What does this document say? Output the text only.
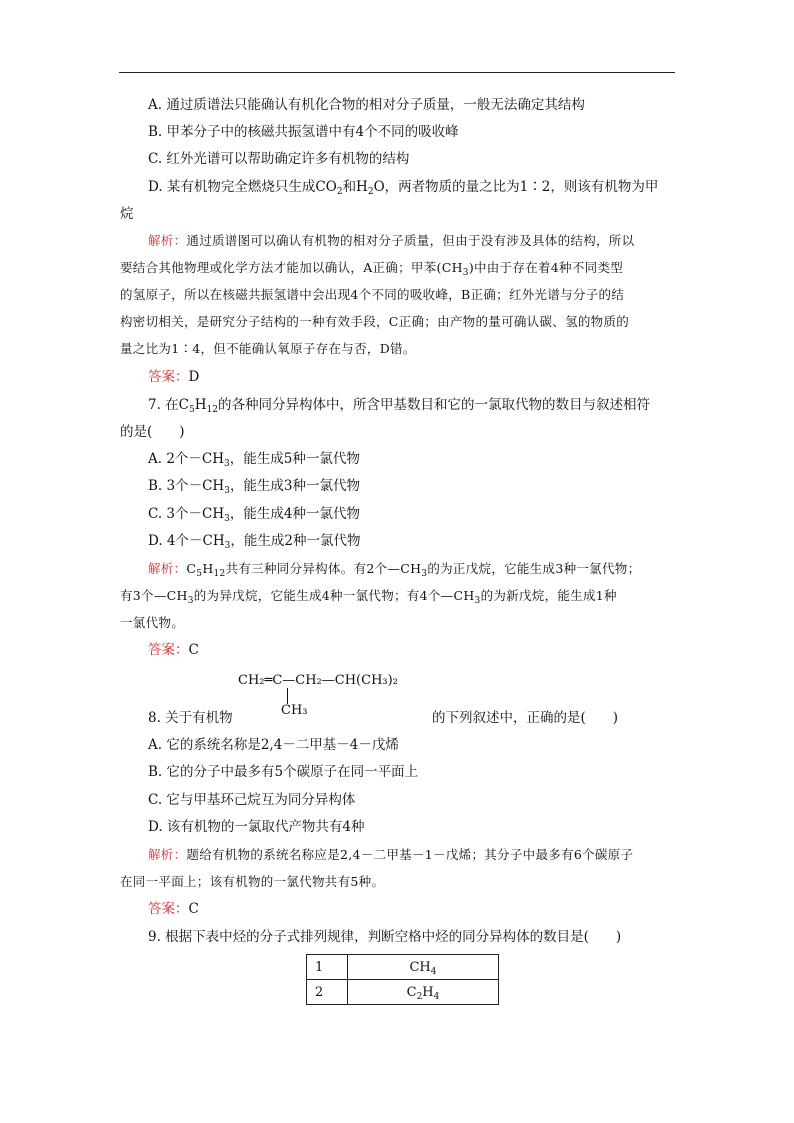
A. 通过质谱法只能确认有机化合物的相对分子质量，一般无法确定其结构
B. 甲苯分子中的核磁共振氢谱中有4个不同的吸收峰
C. 红外光谱可以帮助确定许多有机物的结构
D. 某有机物完全燃烧只生成$CO_2$和$H_2O$，两者物质的量之比为1∶2，则该有机物为甲
烷
解析：通过质谱图可以确认有机物的相对分子质量，但由于没有涉及具体的结构，所以
要结合其他物理或化学方法才能加以确认，A正确；甲苯$(CH_3)$中由于存在着4种不同类型
的氢原子，所以在核磁共振氢谱中会出现4个不同的吸收峰，B正确；红外光谱与分子的结
构密切相关，是研究分子结构的一种有效手段，C正确；由产物的量可确认碳、氢的物质的
量之比为1∶4，但不能确认氧原子存在与否，D错。
答案：D
7. 在$C_5H_{12}$的各种同分异构体中，所含甲基数目和它的一氯取代物的数目与叙述相符
的是(　　)
A. 2个$-CH_3$，能生成5种一氯代物
B. 3个$-CH_3$，能生成3种一氯代物
C. 3个$-CH_3$，能生成4种一氯代物
D. 4个$-CH_3$，能生成2种一氯代物
解析：$C_5H_{12}$共有三种同分异构体。有2个$—CH_3$的为正戊烷，它能生成3种一氯代物；
有3个$—CH_3$的为异戊烷，它能生成4种一氯代物；有4个$—CH_3$的为新戊烷，能生成1种
一氯代物。
答案：C
CH₂═C—CH₂—CH(CH₃)₂
CH₃
8. 关于有机物	的下列叙述中，正确的是(　　)
A. 它的系统名称是2,4－二甲基－4－戊烯
B. 它的分子中最多有5个碳原子在同一平面上
C. 它与甲基环己烷互为同分异构体
D. 该有机物的一氯取代产物共有4种
解析：题给有机物的系统名称应是2,4－二甲基－1－戊烯；其分子中最多有6个碳原子
在同一平面上；该有机物的一氯代物共有5种。
答案：C
9. 根据下表中烃的分子式排列规律，判断空格中烃的同分异构体的数目是(　　)
1	$CH_4$
2	$C_2H_4$
